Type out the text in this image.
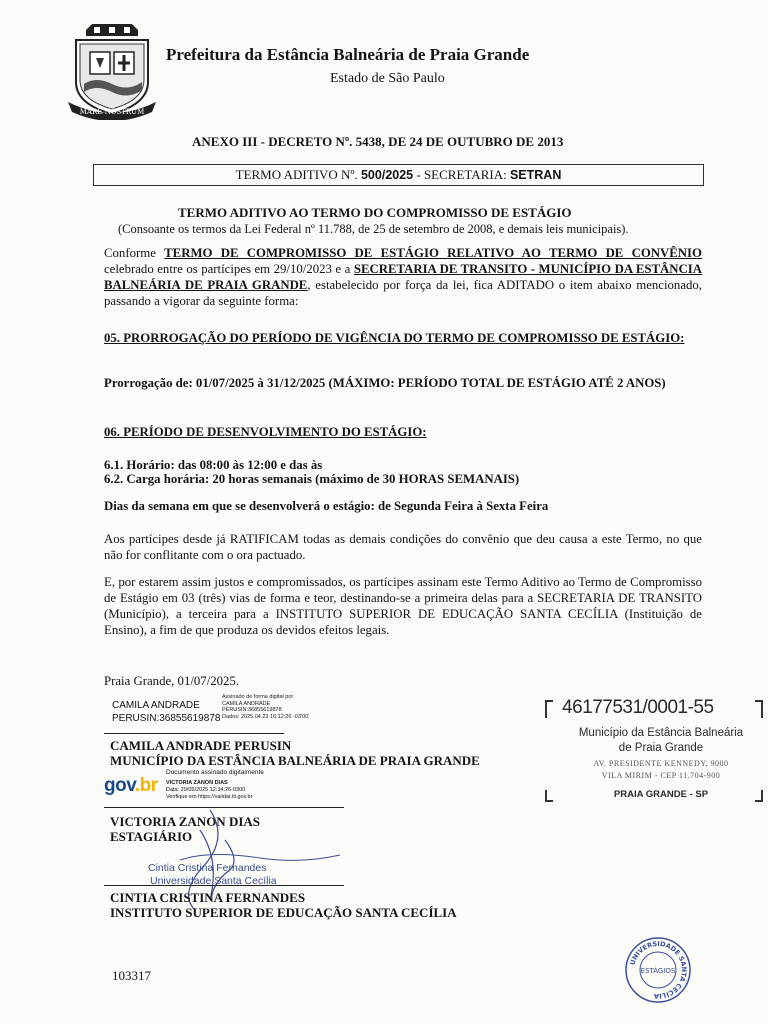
MARE NOSTRUM
Prefeitura da Estância Balneária de Praia Grande
Estado de São Paulo
ANEXO III - DECRETO Nº. 5438, DE 24 DE OUTUBRO DE 2013
TERMO ADITIVO Nº. 500/2025 - SECRETARIA: SETRAN
TERMO ADITIVO AO TERMO DO COMPROMISSO DE ESTÁGIO
(Consoante os termos da Lei Federal nº 11.788, de 25 de setembro de 2008, e demais leis municipais).
Conforme TERMO DE COMPROMISSO DE ESTÁGIO RELATIVO AO TERMO DE CONVÊNIO celebrado entre os partícipes em 29/10/2023 e a SECRETARIA DE TRANSITO - MUNICÍPIO DA ESTÂNCIA BALNEÁRIA DE PRAIA GRANDE, estabelecido por força da lei, fica ADITADO o item abaixo mencionado, passando a vigorar da seguinte forma:
05. PRORROGAÇÃO DO PERÍODO DE VIGÊNCIA DO TERMO DE COMPROMISSO DE ESTÁGIO:
Prorrogação de: 01/07/2025 à 31/12/2025 (MÁXIMO: PERÍODO TOTAL DE ESTÁGIO ATÉ 2 ANOS)
06. PERÍODO DE DESENVOLVIMENTO DO ESTÁGIO:
6.1. Horário: das 08:00 às 12:00 e das às
6.2. Carga horária: 20 horas semanais (máximo de 30 HORAS SEMANAIS)
Dias da semana em que se desenvolverá o estágio: de Segunda Feira à Sexta Feira
Aos partícipes desde já RATIFICAM todas as demais condições do convênio que deu causa a este Termo, no que não for conflitante com o ora pactuado.
E, por estarem assim justos e compromissados, os partícipes assinam este Termo Aditivo ao Termo de Compromisso de Estágio em 03 (três) vias de forma e teor, destinando-se a primeira delas para a SECRETARIA DE TRANSITO (Município), a terceira para a INSTITUTO SUPERIOR DE EDUCAÇÃO SANTA CECÍLIA (Instituição de Ensino), a fim de que produza os devidos efeitos legais.
Praia Grande, 01/07/2025.
CAMILA ANDRADE
PERUSIN:36855619878
Assinado de forma digital por
CAMILA ANDRADE
PERUSIN:36855619878
Dados: 2025.04.23 16:12:26 -03'00'
CAMILA ANDRADE PERUSIN
MUNICÍPIO DA ESTÂNCIA BALNEÁRIA DE PRAIA GRANDE
gov.br
Documento assinado digitalmente
VICTORIA ZANON DIAS
Data: 29/05/2025 12:34:26-0300
Verifique em https://validar.iti.gov.br
VICTORIA ZANON DIAS
ESTAGIÁRIO
Cintia Cristina Fernandes
Universidade Santa Cecília
CINTIA CRISTINA FERNANDES
INSTITUTO SUPERIOR DE EDUCAÇÃO SANTA CECÍLIA
103317
46177531/0001-55
Município da Estância Balneária
de Praia Grande
AV. PRESIDENTE KENNEDY, 9000
VILA MIRIM - CEP 11.704-900
PRAIA GRANDE - SP
UNIVERSIDADE SANTA CECÍLIA
ESTÁGIOS
